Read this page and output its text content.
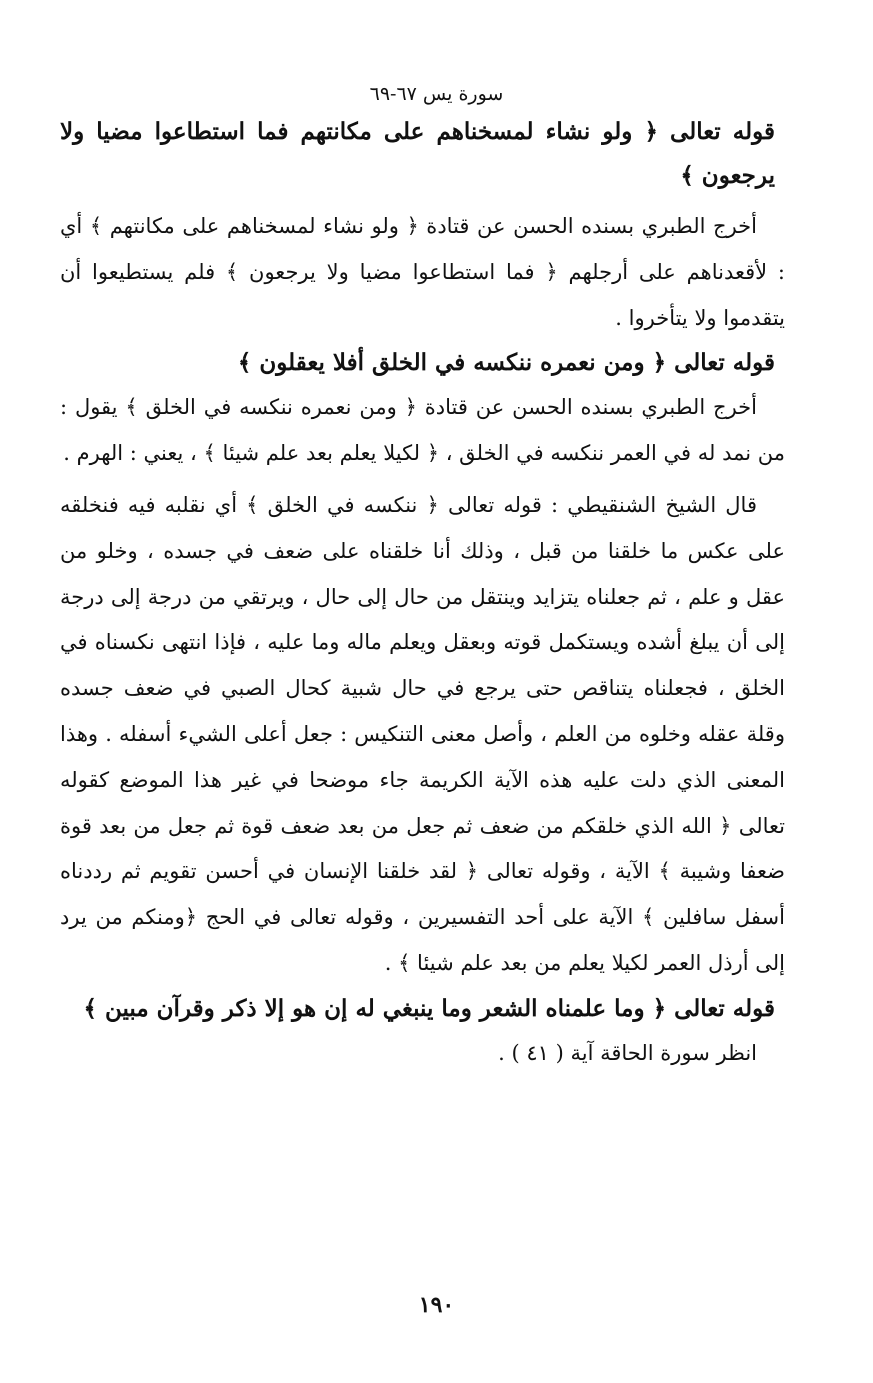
سورة يس ٦٧-٦٩

قوله تعالى ﴿ ولو نشاء لمسخناهم على مكانتهم فما استطاعوا مضيا ولا يرجعون ﴾

أخرج الطبري بسنده الحسن عن قتادة ﴿ ولو نشاء لمسخناهم على مكانتهم ﴾ أي : لأقعدناهم على أرجلهم ﴿ فما استطاعوا مضيا ولا يرجعون ﴾ فلم يستطيعوا أن يتقدموا ولا يتأخروا .

قوله تعالى ﴿ ومن نعمره ننكسه في الخلق أفلا يعقلون ﴾

أخرج الطبري بسنده الحسن عن قتادة ﴿ ومن نعمره ننكسه في الخلق ﴾ يقول : من نمد له في العمر ننكسه في الخلق ، ﴿ لكيلا يعلم بعد علم شيئا ﴾ ، يعني : الهرم .

قال الشيخ الشنقيطي : قوله تعالى ﴿ ننكسه في الخلق ﴾ أي نقلبه فيه فنخلقه على عكس ما خلقنا من قبل ، وذلك أنا خلقناه على ضعف في جسده ، وخلو من عقل و علم ، ثم جعلناه يتزايد وينتقل من حال إلى حال ، ويرتقي من درجة إلى درجة إلى أن يبلغ أشده ويستكمل قوته وبعقل ويعلم ماله وما عليه ، فإذا انتهى نكسناه في الخلق ، فجعلناه يتناقص حتى يرجع في حال شبية كحال الصبي في ضعف جسده وقلة عقله وخلوه من العلم ، وأصل معنى التنكيس : جعل أعلى الشيء أسفله . وهذا المعنى الذي دلت عليه هذه الآية الكريمة جاء موضحا في غير هذا الموضع كقوله تعالى ﴿ الله الذي خلقكم من ضعف ثم جعل من بعد ضعف قوة ثم جعل من بعد قوة ضعفا وشيبة ﴾ الآية ، وقوله تعالى ﴿ لقد خلقنا الإنسان في أحسن تقويم ثم رددناه أسفل سافلين ﴾ الآية على أحد التفسيرين ، وقوله تعالى في الحج ﴿ومنكم من يرد إلى أرذل العمر لكيلا يعلم من بعد علم شيئا ﴾ .

قوله تعالى ﴿ وما علمناه الشعر وما ينبغي له إن هو إلا ذكر وقرآن مبين ﴾

انظر سورة الحاقة آية ( ٤١ ) .

١٩٠
